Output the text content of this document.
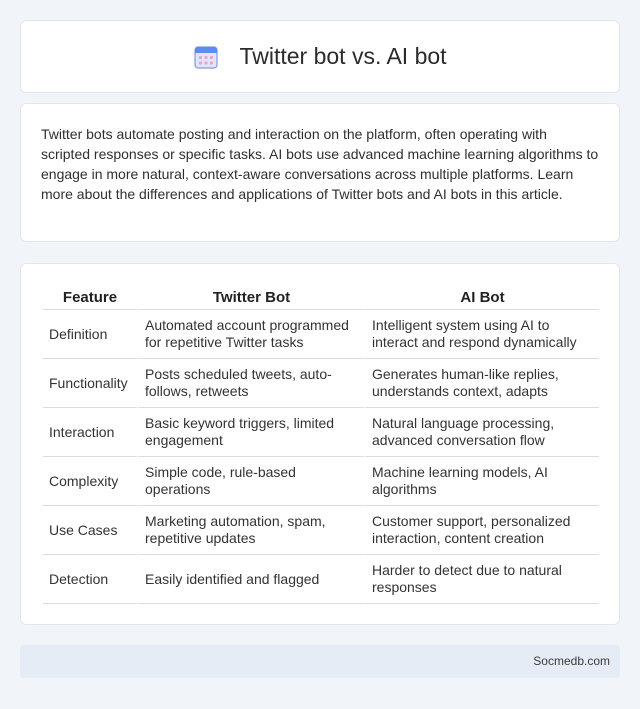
Twitter bot vs. AI bot

Twitter bots automate posting and interaction on the platform, often operating with scripted responses or specific tasks. AI bots use advanced machine learning algorithms to engage in more natural, context-aware conversations across multiple platforms. Learn more about the differences and applications of Twitter bots and AI bots in this article.

Feature	Twitter Bot	AI Bot
Definition	Automated account programmed for repetitive Twitter tasks	Intelligent system using AI to interact and respond dynamically
Functionality	Posts scheduled tweets, auto-follows, retweets	Generates human-like replies, understands context, adapts
Interaction	Basic keyword triggers, limited engagement	Natural language processing, advanced conversation flow
Complexity	Simple code, rule-based operations	Machine learning models, AI algorithms
Use Cases	Marketing automation, spam, repetitive updates	Customer support, personalized interaction, content creation
Detection	Easily identified and flagged	Harder to detect due to natural responses
Socmedb.com
